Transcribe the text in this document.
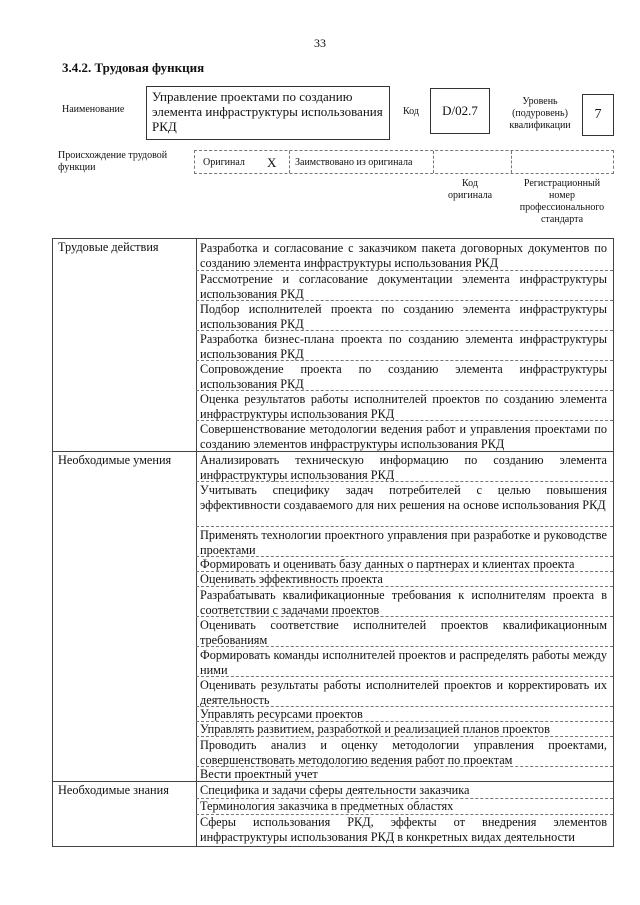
33
3.4.2. Трудовая функция
Наименование
Управление проектами по созданию элемента инфраструктуры использования РКД
Код	D/02.7
Уровень (подуровень) квалификации
7
Происхождение трудовой функции	Оригинал X Заимствовано из оригинала
Код оригинала
Регистрационный номер профессионального стандарта
Трудовые действия
Необходимые умения
Необходимые знания
Разработка и согласование с заказчиком пакета договорных документов по созданию элемента инфраструктуры использования РКД
Рассмотрение и согласование документации элемента инфраструктуры использования РКД
Подбор исполнителей проекта по созданию элемента инфраструктуры использования РКД
Разработка бизнес-плана проекта по созданию элемента инфраструктуры использования РКД
Сопровождение проекта по созданию элемента инфраструктуры использования РКД
Оценка результатов работы исполнителей проектов по созданию элемента инфраструктуры использования РКД
Совершенствование методологии ведения работ и управления проектами по созданию элементов инфраструктуры использования РКД
Анализировать техническую информацию по созданию элемента инфраструктуры использования РКД
Учитывать специфику задач потребителей с целью повышения эффективности создаваемого для них решения на основе использования РКД
Применять технологии проектного управления при разработке и руководстве проектами
Формировать и оценивать базу данных о партнерах и клиентах проекта
Оценивать эффективность проекта
Разрабатывать квалификационные требования к исполнителям проекта в соответствии с задачами проектов
Оценивать соответствие исполнителей проектов квалификационным требованиям
Формировать команды исполнителей проектов и распределять работы между ними
Оценивать результаты работы исполнителей проектов и корректировать их деятельность
Управлять ресурсами проектов
Управлять развитием, разработкой и реализацией планов проектов
Проводить анализ и оценку методологии управления проектами, совершенствовать методологию ведения работ по проектам
Вести проектный учет
Специфика и задачи сферы деятельности заказчика
Терминология заказчика в предметных областях
Сферы использования РКД, эффекты от внедрения элементов инфраструктуры использования РКД в конкретных видах деятельности
